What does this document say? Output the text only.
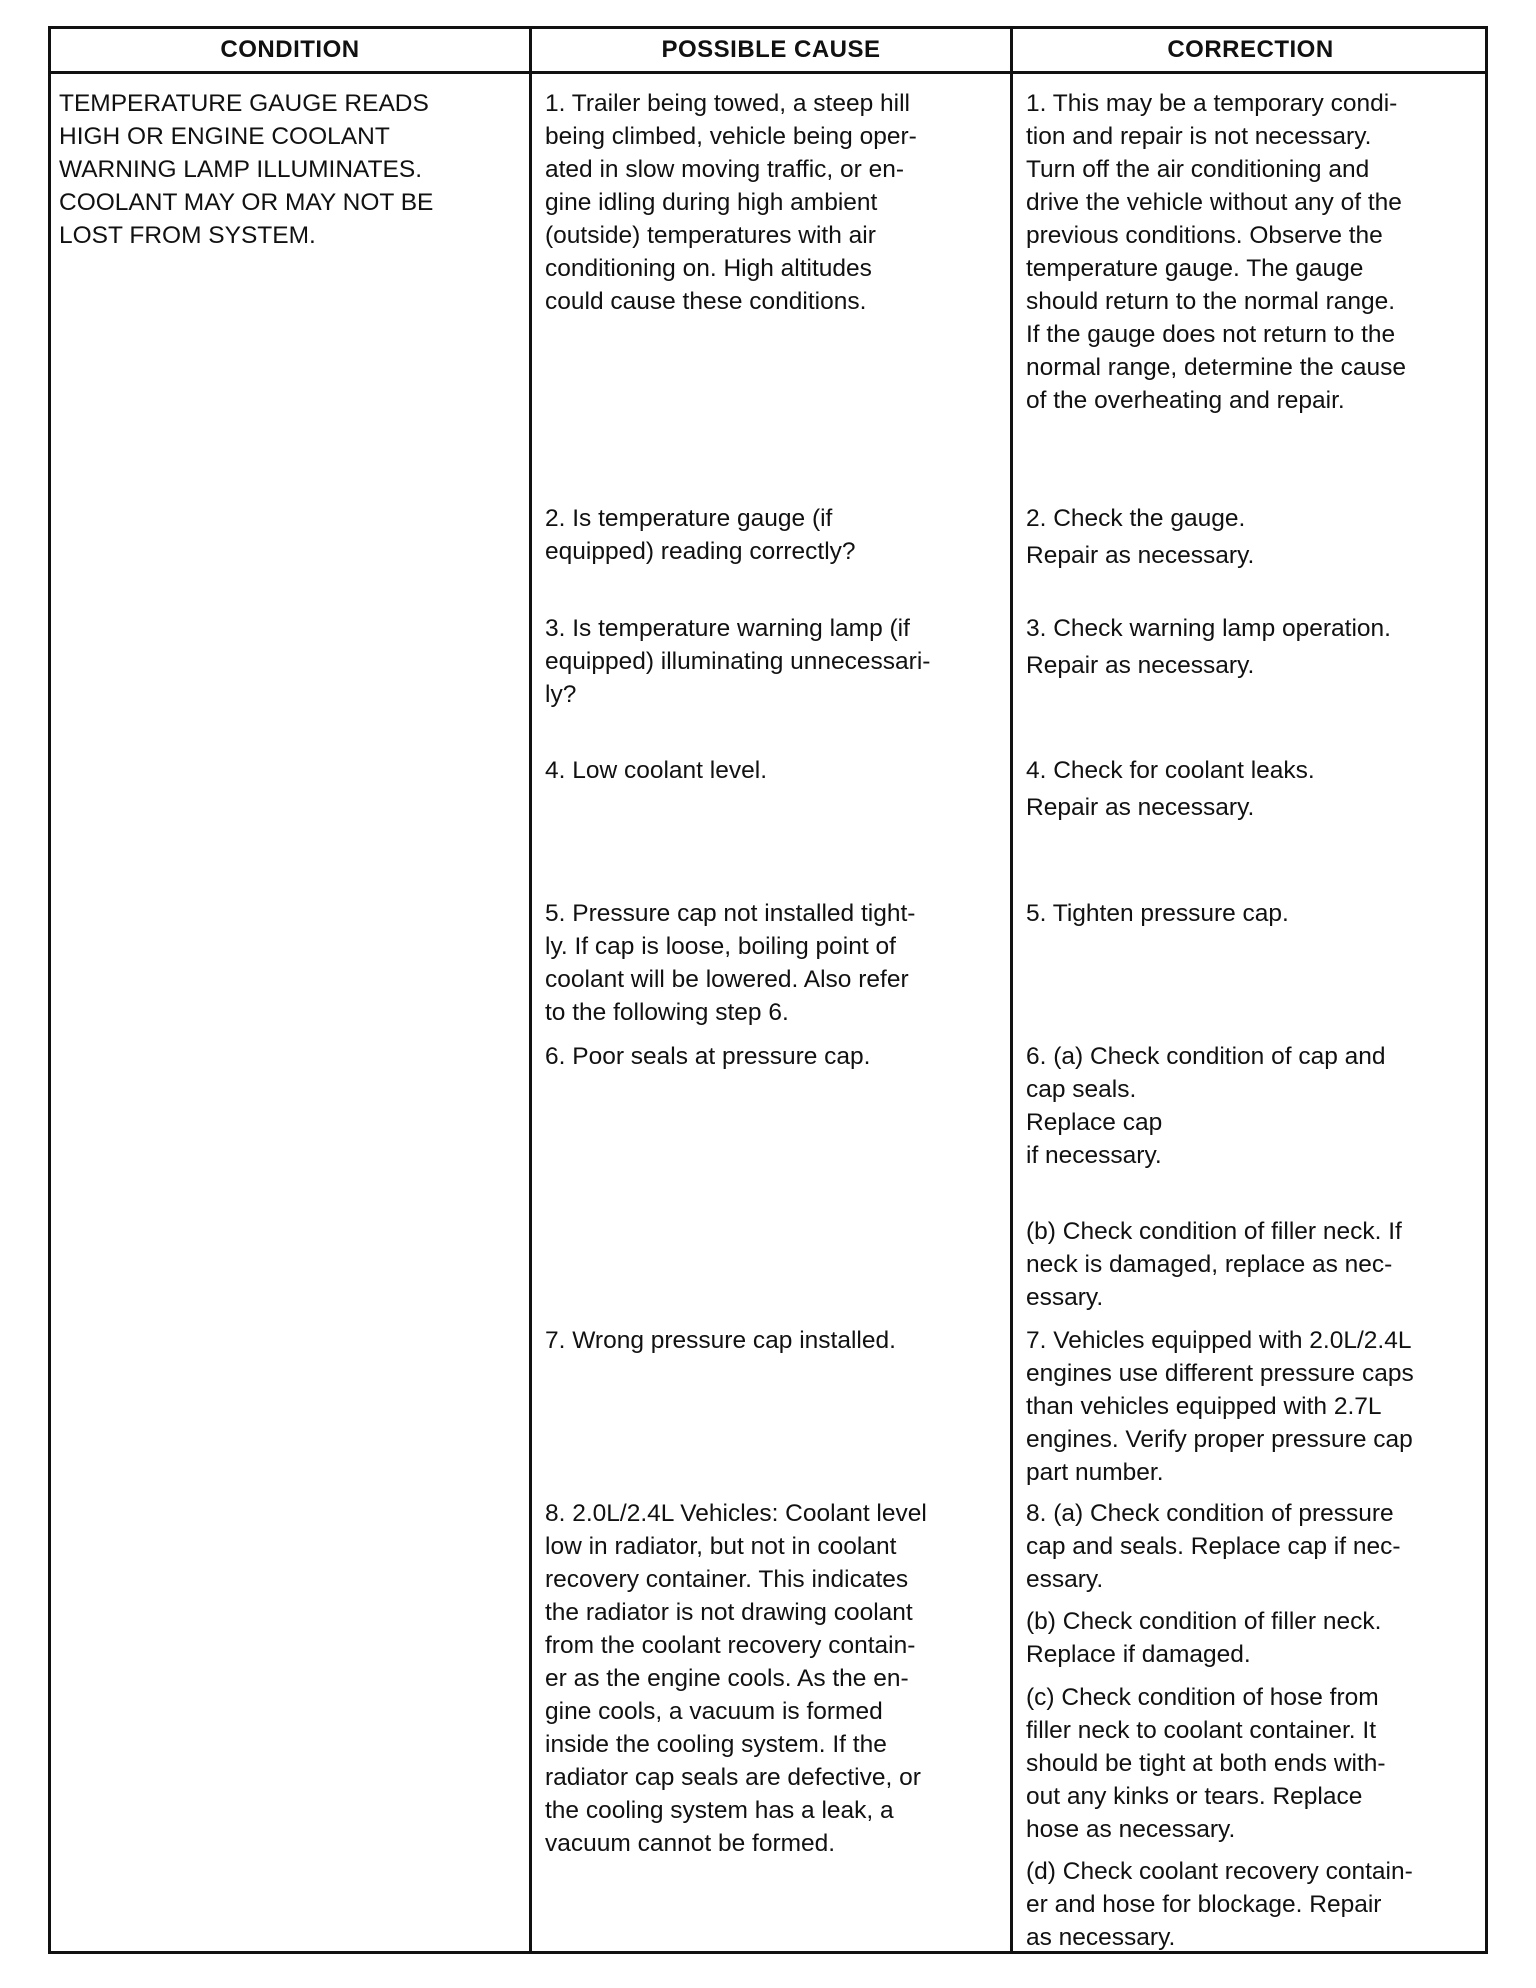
CONDITION	POSSIBLE CAUSE	CORRECTION
TEMPERATURE GAUGE READS
HIGH OR ENGINE COOLANT
WARNING LAMP ILLUMINATES.
COOLANT MAY OR MAY NOT BE
LOST FROM SYSTEM.
1. Trailer being towed, a steep hill
being climbed, vehicle being oper-
ated in slow moving traffic, or en-
gine idling during high ambient
(outside) temperatures with air
conditioning on. High altitudes
could cause these conditions.
2. Is temperature gauge (if
equipped) reading correctly?
3. Is temperature warning lamp (if
equipped) illuminating unnecessari-
ly?
4. Low coolant level.
5. Pressure cap not installed tight-
ly. If cap is loose, boiling point of
coolant will be lowered. Also refer
to the following step 6.
6. Poor seals at pressure cap.
7. Wrong pressure cap installed.
8. 2.0L/2.4L Vehicles: Coolant level
low in radiator, but not in coolant
recovery container. This indicates
the radiator is not drawing coolant
from the coolant recovery contain-
er as the engine cools. As the en-
gine cools, a vacuum is formed
inside the cooling system. If the
radiator cap seals are defective, or
the cooling system has a leak, a
vacuum cannot be formed.
1. This may be a temporary condi-
tion and repair is not necessary.
Turn off the air conditioning and
drive the vehicle without any of the
previous conditions. Observe the
temperature gauge. The gauge
should return to the normal range.
If the gauge does not return to the
normal range, determine the cause
of the overheating and repair.
2. Check the gauge.
Repair as necessary.
3. Check warning lamp operation.
Repair as necessary.
4. Check for coolant leaks.
Repair as necessary.
5. Tighten pressure cap.
6. (a) Check condition of cap and
cap seals.
Replace cap
if necessary.
(b) Check condition of filler neck. If
neck is damaged, replace as nec-
essary.
7. Vehicles equipped with 2.0L/2.4L
engines use different pressure caps
than vehicles equipped with 2.7L
engines. Verify proper pressure cap
part number.
8. (a) Check condition of pressure
cap and seals. Replace cap if nec-
essary.
(b) Check condition of filler neck.
Replace if damaged.
(c) Check condition of hose from
filler neck to coolant container. It
should be tight at both ends with-
out any kinks or tears. Replace
hose as necessary.
(d) Check coolant recovery contain-
er and hose for blockage. Repair
as necessary.
